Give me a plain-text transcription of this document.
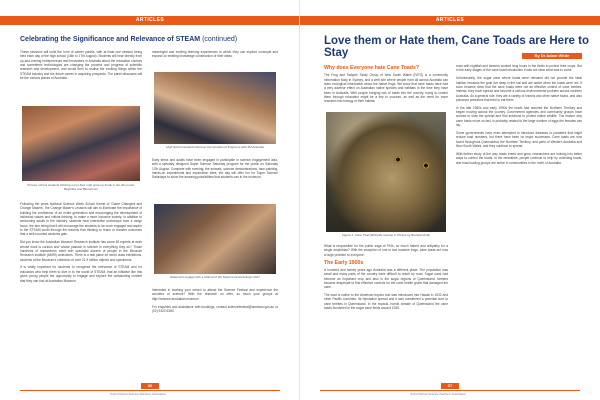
ARTICLES
Celebrating the Significance and Relevance of STEAM (continued)

These sessions will build the form of career panels, with at least one session being held each day of the high school (16th to 17th August). Students will hear directly from up-and-coming entrepreneurs and innovators in Australia about the education choices and sometimes technologies are changing the process and progress of scientific research and development, and would then to realise the exciting things within the STEAM industry and the future career in acquiring prospects. The panel discusses will be the various places of Australia.

Primary school students thinking out to their crab grow-up foods in the this mode, Biophiles and Blueshoots

Following the years National Science Week School theme of 'Game Changers and Change Makers', the Change Maker's Lessons will aim to illuminate the importance of building the confidence of an entire generation and encouraging the development of individual values and critical thinking, to make a more inclusive society. In addition to welcoming adults in the industry, students hear interactive workshops from a range focus, the aim being that it will encourage the students to be more engaged and aspire to the STEAM world through the lessons that thinking to reach or transfer outcomes that a well-rounded students gain.

Did you know the Australian Museum Research Institute has some 65 experts at work whose work is curious and whose passion is science in everything they do? Those hundreds of researchers meet with specialist dozens of people in the Museum Research Institute (AMRI) collections. There is a real place for world class exhibitions, students at the Museum's collection of over 21.9 million objects and specimens.

It is vitally important for students to recognise the relevance of STEAM and for educators who help them to dive in to the world of STEAM, that an initiative like this gives young people the opportunity to engage and explore the outstanding content that they can find at Australian Museum.

meaningful and exciting learning experiences in which they can explore concepts and expand on existing knowledge construction of their ideas.

High School students discover the wonders of Polymers with 3M Australia

Early teens and adults have been engaged in participate in science engagement also, with a specially designed Super Science Saturday program for the public on Saturday 17th August. Complete with evening, the animals, science demonstrations, face-painting, hands-on experiments and exploration sites, the day will offer fun for Super Science Saturdays to show the amazing possibilities that students can in the museum.

Statement engage with a child at of the Science Festival Expo 2017

Interested in booking your school to attend the Science Festival and experience the wonders of science? With the research on offer, so much your groups at http://science.australian.museum

For enquiries and assistance with bookings, contact sciencefestival@austmus.gov.au or (02) 9320 6380.

36
Oxford School Science Teachers' Association
ARTICLES
Love them or Hate them, Cane Toads are Here to Stay	By Dr Adam White
Why does Everyone hate Cane Toads?

The Frog and Tadpole Study Group of New South Wales (FATS) is a community information body in Sydney, and a web site where people from all across Australia can learn ecological information about the native frogs. We know that cane toads have had a very adverse effect on Australian native species and habitats in the time they have been in Australia. With people bringing lots of toads into the country, trying to control them through education might be a key to success, as well as the need for more research into biology of their habitat.

Figure 1: Cane Toad (Rhinella marina) in Photos by Brendan Kelly

What is responsible for the public saga of FATs, so much hatred and antipathy for a single amphibian? With the exception of one or two invasive frogs, cane toads are now a huge problem to everyone.

The Early 1900s

A hundred and twenty years ago Australia was a different place. The population was small and many parts of the country were difficult to reach by road. Sugar cane had become an important crop and also in the sugar regions of Queensland, farmers became desperate to find effective controls for the cane beetle grubs that damaged the cane.

The toad is native to the American tropics and was introduced into Hawaii in 1932 and other Pacific countries. Its reputation spread and it was considered a potential cure to cane beetles in Queensland. In the tropical, humid climate of Queensland the cane toads flourished in the sugar cane fields around 1935.

rows with nightfall and farmers worked long hours in the fields to protect their crops. But in the early stages of the cane toad introduction it was not clear what was to come.

Unfortunately, the sugar cane where toads were released did not provide the ideal habitat, because the grub live deep in the soil and are active when the toads were not. It soon became clear that the cane toads were not an effective control of cane beetles. Instead, they have spread and become a serious environmental problem across northern Australia. As a general rule, they ate a variety of insects and other native fauna, and also poisoned predators that tried to eat them.

In the late 1980s and early 1990s the toads had reached the Northern Territory and began moving across the country. Government agencies and community groups have worked to slow the spread and find solutions to protect native wildlife. The reason why cane toads move so fast, is probably related to the large number of eggs the females can lay.

Some governments have even attempted to introduce diseases or parasites that might reduce toad numbers, but there have been no major successes. Cane toads are now found throughout Queensland, the Northern Territory, and parts of Western Australia and New South Wales, and they continue to spread.

With further study of the way toads breed and grow, researchers are looking into better ways to control the toads. In the meantime, people continue to help by collecting toads, and toad-busting groups are active in communities in the north of Australia.

37
Oxford School Science Teachers' Association
